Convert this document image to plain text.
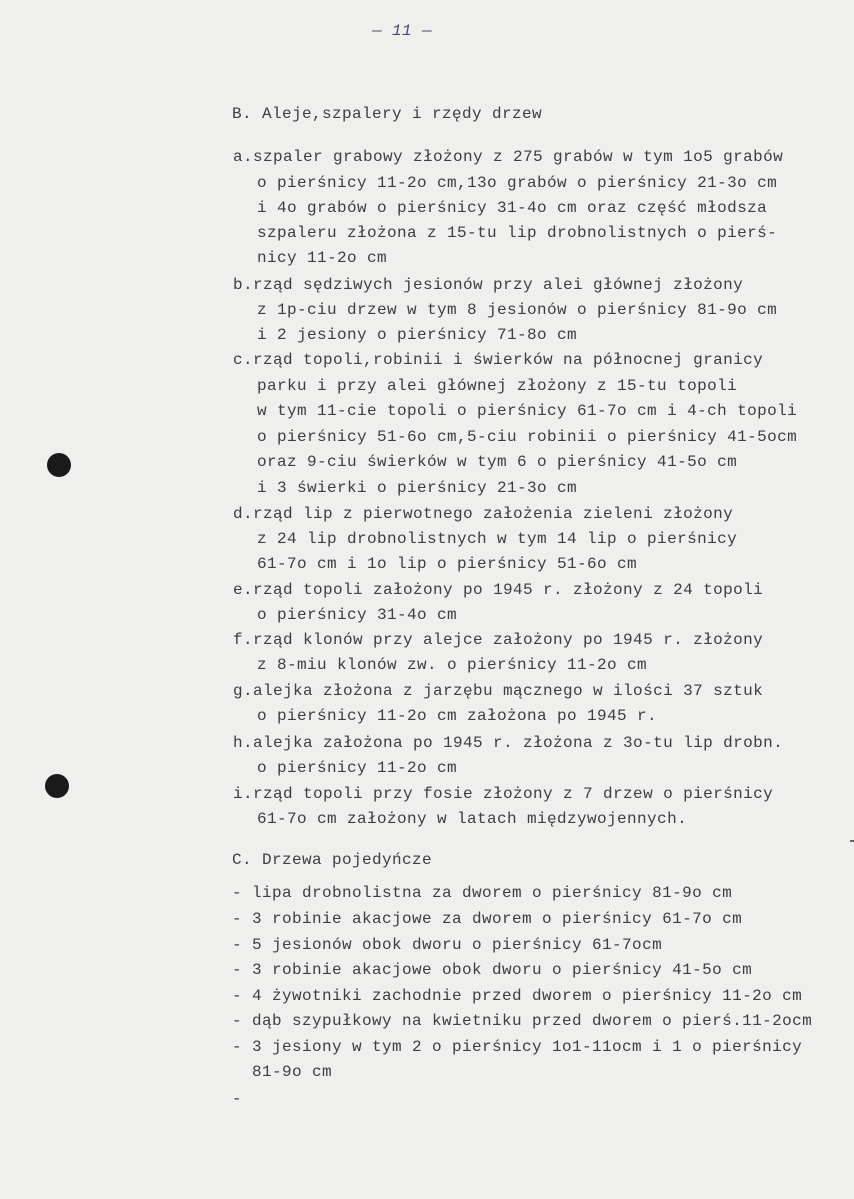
— 11 —
B. Aleje,szpalery i rzędy drzew
a.szpaler grabowy złożony z 275 grabów w tym 1o5 grabów
o pierśnicy 11-2o cm,13o grabów o pierśnicy 21-3o cm
i 4o grabów o pierśnicy 31-4o cm oraz część młodsza
szpaleru złożona z 15-tu lip drobnolistnych o pierś-
nicy 11-2o cm
b.rząd sędziwych jesionów przy alei głównej złożony
z 1p-ciu drzew w tym 8 jesionów o pierśnicy 81-9o cm
i 2 jesiony o pierśnicy 71-8o cm
c.rząd topoli,robinii i świerków na północnej granicy
parku i przy alei głównej złożony z 15-tu topoli
w tym 11-cie topoli o pierśnicy 61-7o cm i 4-ch topoli
o pierśnicy 51-6o cm,5-ciu robinii o pierśnicy 41-5ocm
oraz 9-ciu świerków w tym 6 o pierśnicy 41-5o cm
i 3 świerki o pierśnicy 21-3o cm
d.rząd lip z pierwotnego założenia zieleni złożony
z 24 lip drobnolistnych w tym 14 lip o pierśnicy
61-7o cm i 1o lip o pierśnicy 51-6o cm
e.rząd topoli założony po 1945 r. złożony z 24 topoli
o pierśnicy 31-4o cm
f.rząd klonów przy alejce założony po 1945 r. złożony
z 8-miu klonów zw. o pierśnicy 11-2o cm
g.alejka złożona z jarzębu mącznego w ilości 37 sztuk
o pierśnicy 11-2o cm założona po 1945 r.
h.alejka założona po 1945 r. złożona z 3o-tu lip drobn.
o pierśnicy 11-2o cm
i.rząd topoli przy fosie złożony z 7 drzew o pierśnicy
61-7o cm założony w latach międzywojennych.
C. Drzewa pojedyńcze
- lipa drobnolistna za dworem o pierśnicy 81-9o cm
- 3 robinie akacjowe za dworem o pierśnicy 61-7o cm
- 5 jesionów obok dworu o pierśnicy 61-7ocm
- 3 robinie akacjowe obok dworu o pierśnicy 41-5o cm
- 4 żywotniki zachodnie przed dworem o pierśnicy 11-2o cm
- dąb szypułkowy na kwietniku przed dworem o pierś.11-2ocm
- 3 jesiony w tym 2 o pierśnicy 1o1-11ocm i 1 o pierśnicy
81-9o cm
-
